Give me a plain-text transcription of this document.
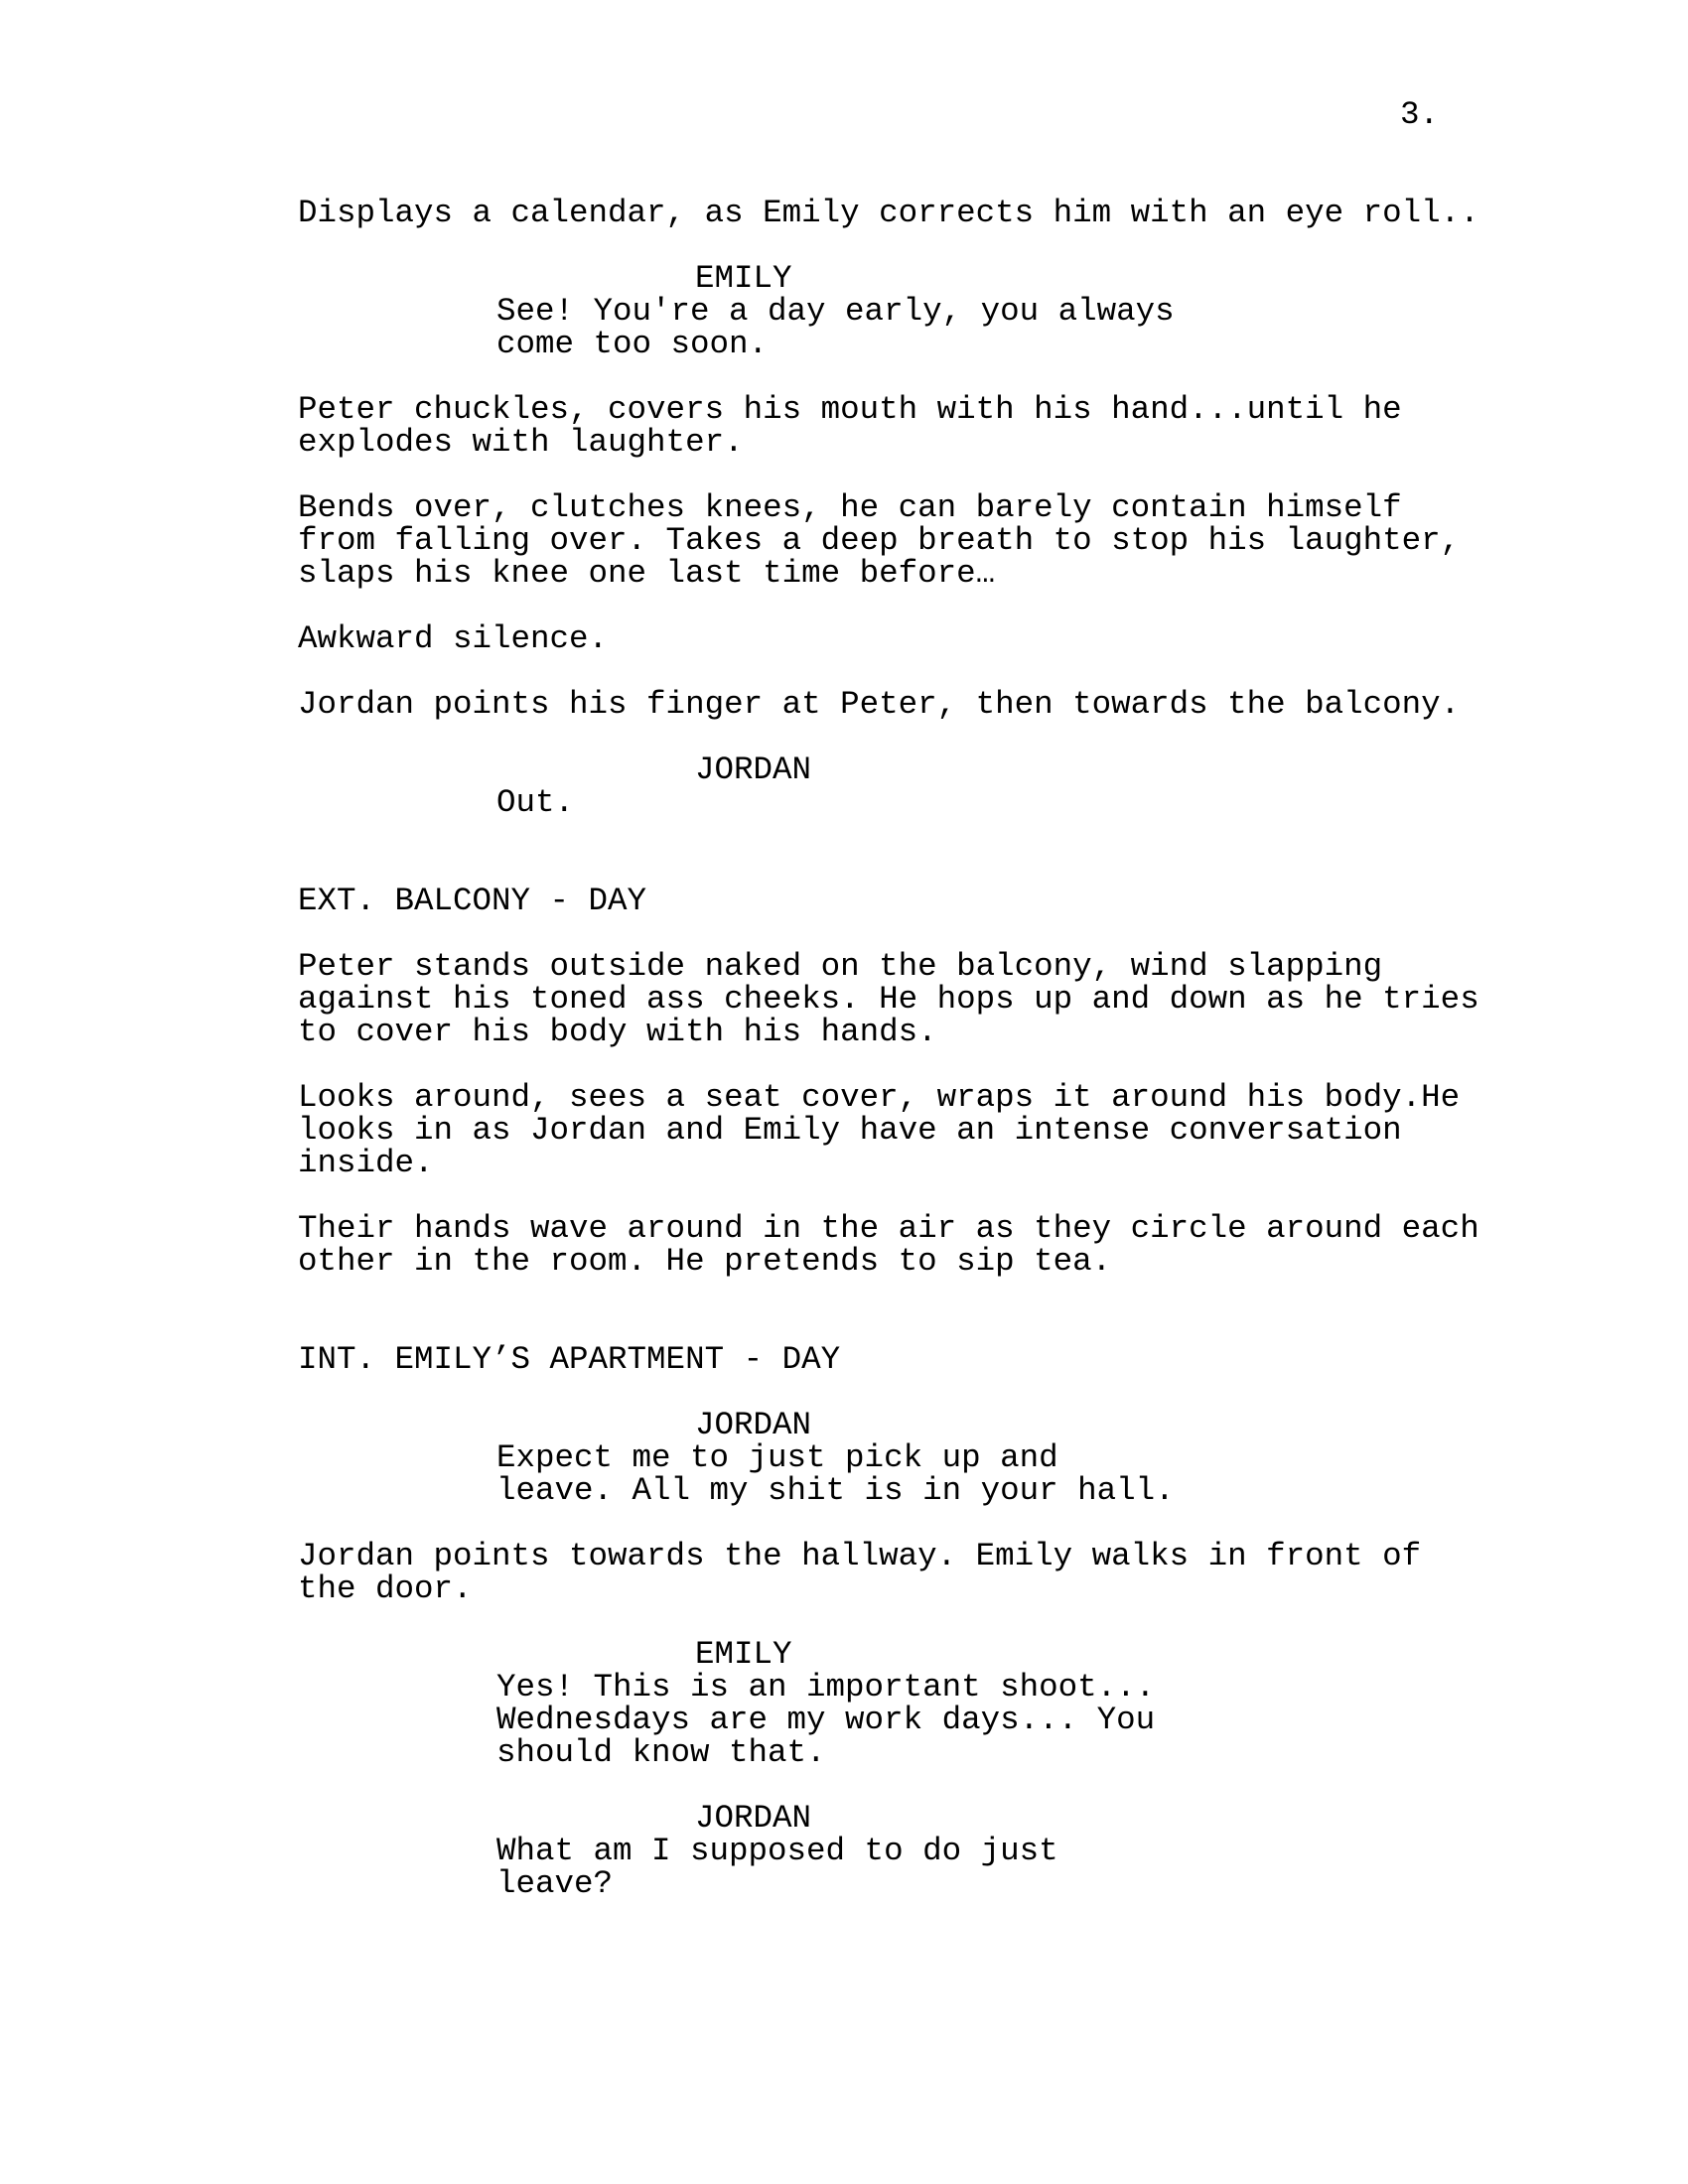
3.
Displays a calendar, as Emily corrects him with an eye roll..
EMILY
See! You're a day early, you always
come too soon.
Peter chuckles, covers his mouth with his hand...until he
explodes with laughter.
Bends over, clutches knees, he can barely contain himself
from falling over. Takes a deep breath to stop his laughter,
slaps his knee one last time before…
Awkward silence.
Jordan points his finger at Peter, then towards the balcony.
JORDAN
Out.
EXT. BALCONY - DAY
Peter stands outside naked on the balcony, wind slapping
against his toned ass cheeks. He hops up and down as he tries
to cover his body with his hands.
Looks around, sees a seat cover, wraps it around his body.He
looks in as Jordan and Emily have an intense conversation
inside.
Their hands wave around in the air as they circle around each
other in the room. He pretends to sip tea.
INT. EMILY’S APARTMENT - DAY
JORDAN
Expect me to just pick up and
leave. All my shit is in your hall.
Jordan points towards the hallway. Emily walks in front of
the door.
EMILY
Yes! This is an important shoot...
Wednesdays are my work days... You
should know that.
JORDAN
What am I supposed to do just
leave?
